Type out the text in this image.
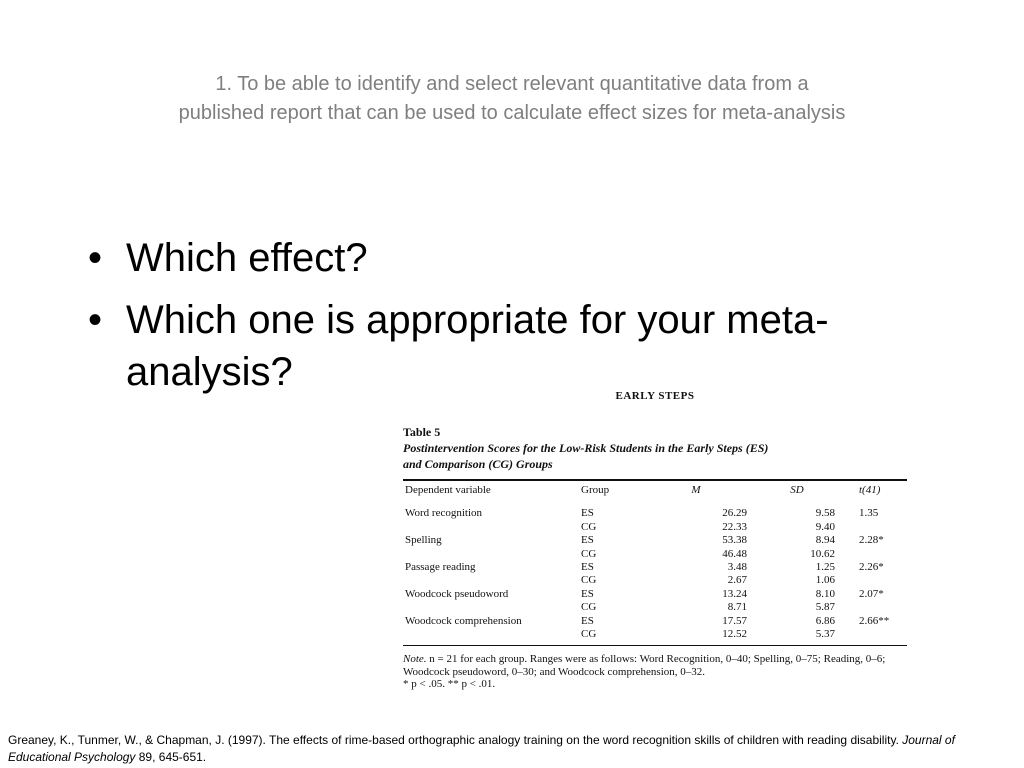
1. To be able to identify and select relevant quantitative data from a
published report that can be used to calculate effect sizes for meta-analysis
• Which effect?
• Which one is appropriate for your meta-analysis?
EARLY STEPS
Table 5
Postintervention Scores for the Low-Risk Students in the Early Steps (ES)
and Comparison (CG) Groups
Dependent variable	Group	M	SD	t(41)
Word recognition	ES	26.29	9.58	1.35
	CG	22.33	9.40	
Spelling	ES	53.38	8.94	2.28*
	CG	46.48	10.62	
Passage reading	ES	3.48	1.25	2.26*
	CG	2.67	1.06	
Woodcock pseudoword	ES	13.24	8.10	2.07*
	CG	8.71	5.87	
Woodcock comprehension	ES	17.57	6.86	2.66**
	CG	12.52	5.37	
Note. n = 21 for each group. Ranges were as follows: Word Recognition, 0–40; Spelling, 0–75; Reading, 0–6; Woodcock pseudoword, 0–30; and Woodcock comprehension, 0–32.
* p < .05. ** p < .01.
Greaney, K., Tunmer, W., & Chapman, J. (1997). The effects of rime-based orthographic analogy training on the word recognition skills of children with reading disability. Journal of Educational Psychology 89, 645-651.
